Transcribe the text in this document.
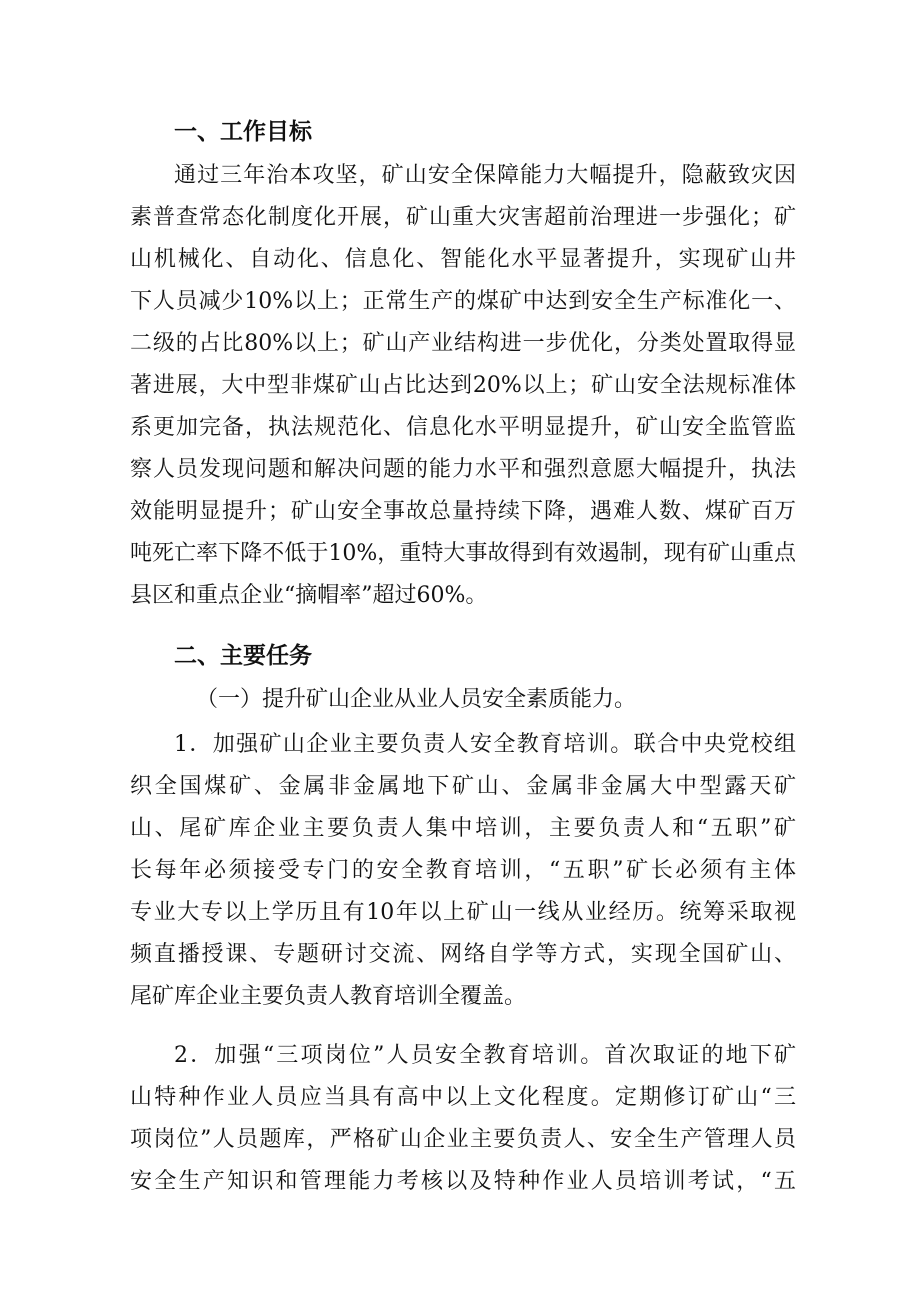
一、工作目标

通过三年治本攻坚，矿山安全保障能力大幅提升，隐蔽致灾因

素普查常态化制度化开展，矿山重大灾害超前治理进一步强化；矿

山机械化、自动化、信息化、智能化水平显著提升，实现矿山井

下人员减少10%以上；正常生产的煤矿中达到安全生产标准化一、

二级的占比80%以上；矿山产业结构进一步优化，分类处置取得显

著进展，大中型非煤矿山占比达到20%以上；矿山安全法规标准体

系更加完备，执法规范化、信息化水平明显提升，矿山安全监管监

察人员发现问题和解决问题的能力水平和强烈意愿大幅提升，执法

效能明显提升；矿山安全事故总量持续下降，遇难人数、煤矿百万

吨死亡率下降不低于10%，重特大事故得到有效遏制，现有矿山重点

县区和重点企业“摘帽率”超过60%。

二、主要任务

（一）提升矿山企业从业人员安全素质能力。

1．加强矿山企业主要负责人安全教育培训。联合中央党校组

织全国煤矿、金属非金属地下矿山、金属非金属大中型露天矿

山、尾矿库企业主要负责人集中培训，主要负责人和“五职”矿

长每年必须接受专门的安全教育培训，“五职”矿长必须有主体

专业大专以上学历且有10年以上矿山一线从业经历。统筹采取视

频直播授课、专题研讨交流、网络自学等方式，实现全国矿山、

尾矿库企业主要负责人教育培训全覆盖。

2．加强“三项岗位”人员安全教育培训。首次取证的地下矿

山特种作业人员应当具有高中以上文化程度。定期修订矿山“三

项岗位”人员题库，严格矿山企业主要负责人、安全生产管理人员

安全生产知识和管理能力考核以及特种作业人员培训考试，“五
